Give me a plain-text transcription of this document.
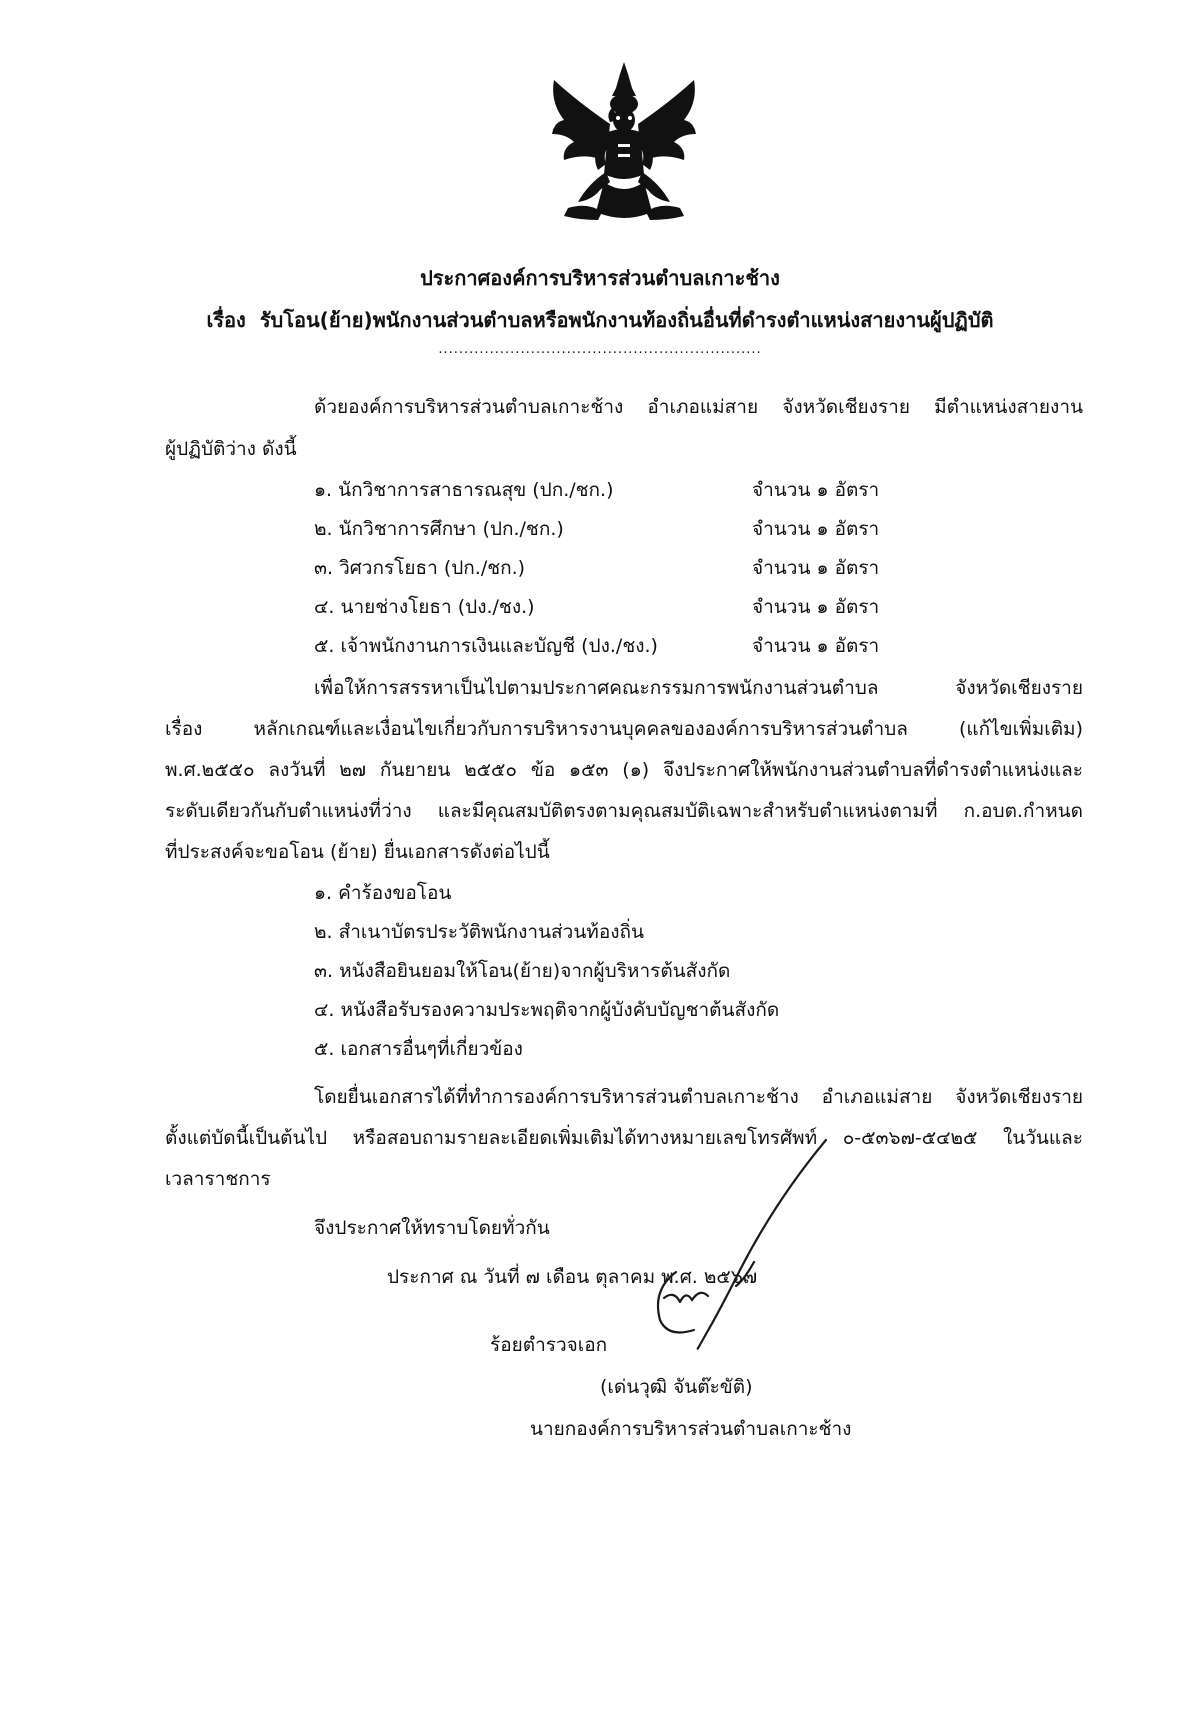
ประกาศองค์การบริหารส่วนตำบลเกาะช้าง
เรื่อง รับโอน(ย้าย)พนักงานส่วนตำบลหรือพนักงานท้องถิ่นอื่นที่ดำรงตำแหน่งสายงานผู้ปฏิบัติ
...............................................................
ด้วยองค์การบริหารส่วนตำบลเกาะช้าง อำเภอแม่สาย จังหวัดเชียงราย มีตำแหน่งสายงาน
ผู้ปฏิบัติว่าง ดังนี้
๑. นักวิชาการสาธารณสุข (ปก./ชก.)	จำนวน ๑ อัตรา
๒. นักวิชาการศึกษา (ปก./ชก.)	จำนวน ๑ อัตรา
๓. วิศวกรโยธา (ปก./ชก.)	จำนวน ๑ อัตรา
๔. นายช่างโยธา (ปง./ชง.)	จำนวน ๑ อัตรา
๕. เจ้าพนักงานการเงินและบัญชี (ปง./ชง.)	จำนวน ๑ อัตรา
เพื่อให้การสรรหาเป็นไปตามประกาศคณะกรรมการพนักงานส่วนตำบล จังหวัดเชียงราย
เรื่อง หลักเกณฑ์และเงื่อนไขเกี่ยวกับการบริหารงานบุคคลขององค์การบริหารส่วนตำบล (แก้ไขเพิ่มเติม)
พ.ศ.๒๕๕๐ ลงวันที่ ๒๗ กันยายน ๒๕๕๐ ข้อ ๑๕๓ (๑) จึงประกาศให้พนักงานส่วนตำบลที่ดำรงตำแหน่งและ
ระดับเดียวกันกับตำแหน่งที่ว่าง และมีคุณสมบัติตรงตามคุณสมบัติเฉพาะสำหรับตำแหน่งตามที่ ก.อบต.กำหนด
ที่ประสงค์จะขอโอน (ย้าย) ยื่นเอกสารดังต่อไปนี้
๑. คำร้องขอโอน
๒. สำเนาบัตรประวัติพนักงานส่วนท้องถิ่น
๓. หนังสือยินยอมให้โอน(ย้าย)จากผู้บริหารต้นสังกัด
๔. หนังสือรับรองความประพฤติจากผู้บังคับบัญชาต้นสังกัด
๕. เอกสารอื่นๆที่เกี่ยวข้อง
โดยยื่นเอกสารได้ที่ทำการองค์การบริหารส่วนตำบลเกาะช้าง อำเภอแม่สาย จังหวัดเชียงราย
ตั้งแต่บัดนี้เป็นต้นไป หรือสอบถามรายละเอียดเพิ่มเติมได้ทางหมายเลขโทรศัพท์ ๐-๕๓๖๗-๕๔๒๕ ในวันและ
เวลาราชการ
จึงประกาศให้ทราบโดยทั่วกัน
ประกาศ ณ วันที่ ๗ เดือน ตุลาคม พ.ศ. ๒๕๖๗
ร้อยตำรวจเอก
(เด่นวุฒิ จันต๊ะขัติ)
นายกองค์การบริหารส่วนตำบลเกาะช้าง
